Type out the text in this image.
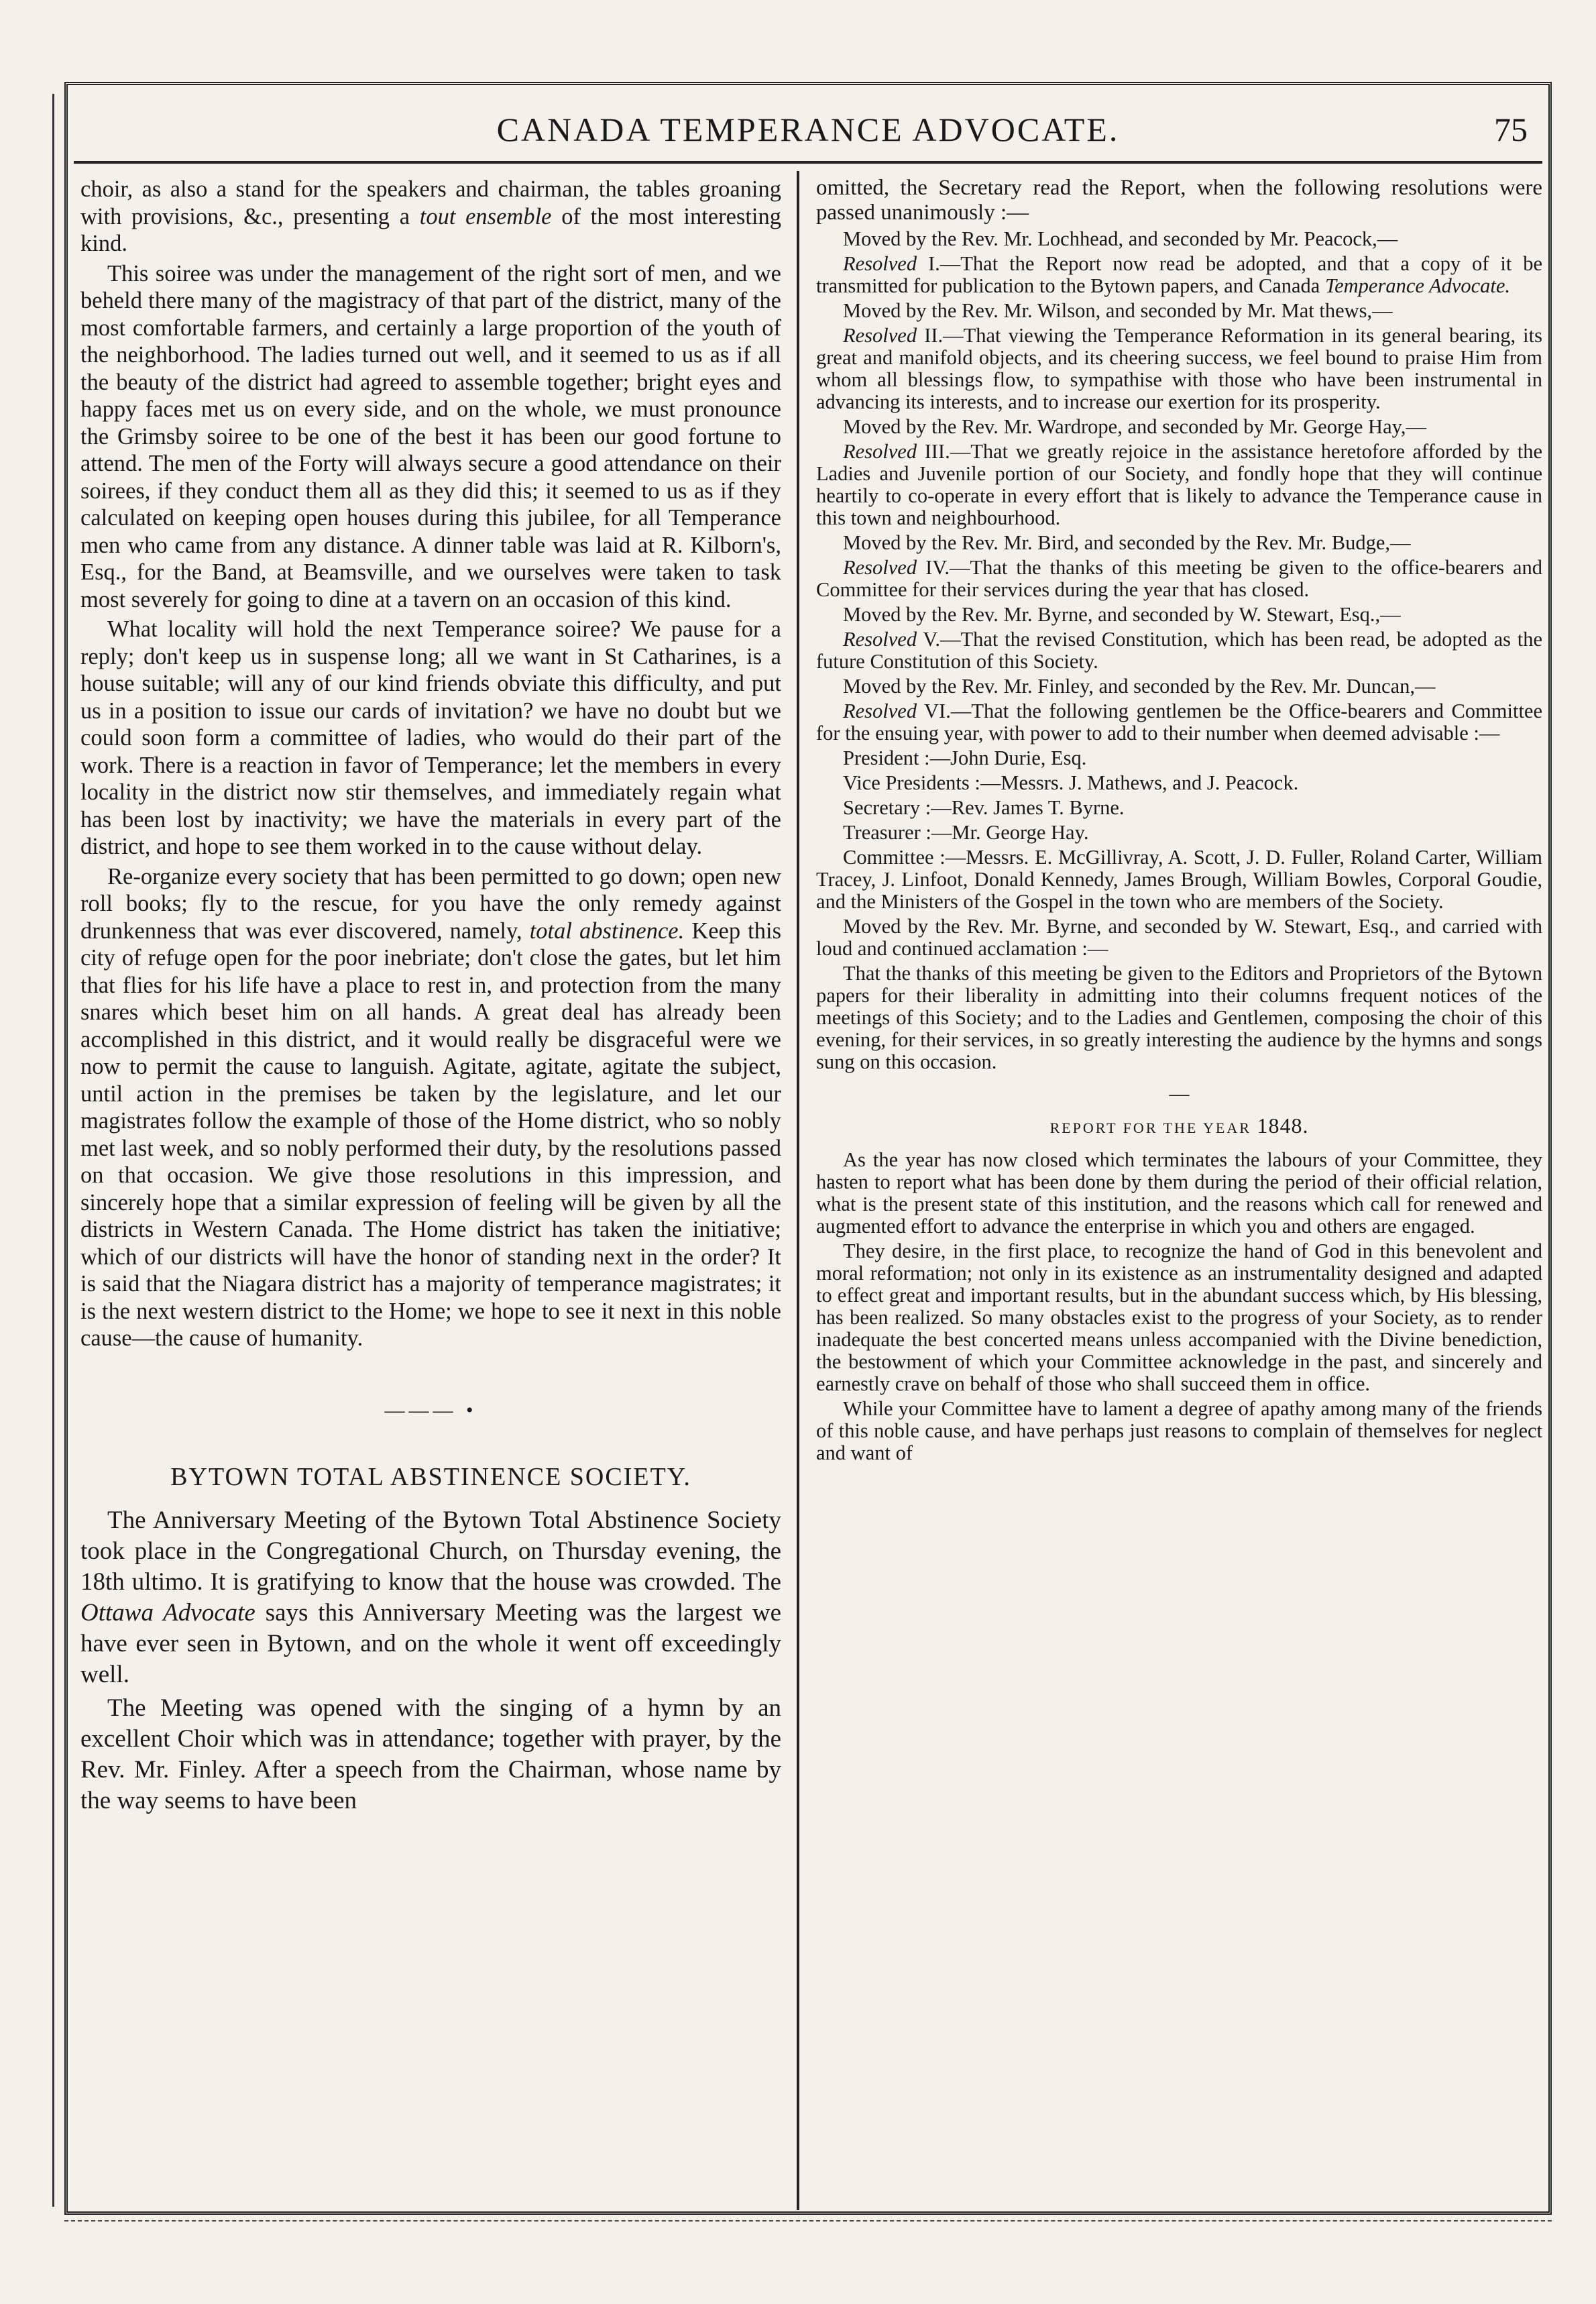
CANADA TEMPERANCE ADVOCATE.	75

choir, as also a stand for the speakers and chairman, the tables groaning with provisions, &c., presenting a tout ensemble of the most interesting kind.

This soiree was under the management of the right sort of men, and we beheld there many of the magistracy of that part of the district, many of the most comfortable farmers, and certainly a large proportion of the youth of the neighborhood. The ladies turned out well, and it seemed to us as if all the beauty of the district had agreed to assemble together; bright eyes and happy faces met us on every side, and on the whole, we must pronounce the Grimsby soiree to be one of the best it has been our good fortune to attend. The men of the Forty will always secure a good attendance on their soirees, if they conduct them all as they did this; it seemed to us as if they calculated on keeping open houses during this jubilee, for all Temperance men who came from any distance. A dinner table was laid at R. Kilborn's, Esq., for the Band, at Beamsville, and we ourselves were taken to task most severely for going to dine at a tavern on an occasion of this kind.

What locality will hold the next Temperance soiree? We pause for a reply; don't keep us in suspense long; all we want in St Catharines, is a house suitable; will any of our kind friends obviate this difficulty, and put us in a position to issue our cards of invitation? we have no doubt but we could soon form a committee of ladies, who would do their part of the work. There is a reaction in favor of Temperance; let the members in every locality in the district now stir themselves, and immediately regain what has been lost by inactivity; we have the materials in every part of the district, and hope to see them worked in to the cause without delay.

Re-organize every society that has been permitted to go down; open new roll books; fly to the rescue, for you have the only remedy against drunkenness that was ever discovered, namely, total abstinence. Keep this city of refuge open for the poor inebriate; don't close the gates, but let him that flies for his life have a place to rest in, and protection from the many snares which beset him on all hands. A great deal has already been accomplished in this district, and it would really be disgraceful were we now to permit the cause to languish. Agitate, agitate, agitate the subject, until action in the premises be taken by the legislature, and let our magistrates follow the example of those of the Home district, who so nobly met last week, and so nobly performed their duty, by the resolutions passed on that occasion. We give those resolutions in this impression, and sincerely hope that a similar expression of feeling will be given by all the districts in Western Canada. The Home district has taken the initiative; which of our districts will have the honor of standing next in the order? It is said that the Niagara district has a majority of temperance magistrates; it is the next western district to the Home; we hope to see it next in this noble cause—the cause of humanity.

——— •
BYTOWN TOTAL ABSTINENCE SOCIETY.

The Anniversary Meeting of the Bytown Total Abstinence Society took place in the Congregational Church, on Thursday evening, the 18th ultimo. It is gratifying to know that the house was crowded. The Ottawa Advocate says this Anniversary Meeting was the largest we have ever seen in Bytown, and on the whole it went off exceedingly well.

The Meeting was opened with the singing of a hymn by an excellent Choir which was in attendance; together with prayer, by the Rev. Mr. Finley. After a speech from the Chairman, whose name by the way seems to have been

omitted, the Secretary read the Report, when the following resolutions were passed unanimously :—

Moved by the Rev. Mr. Lochhead, and seconded by Mr. Peacock,—

Resolved I.—That the Report now read be adopted, and that a copy of it be transmitted for publication to the Bytown papers, and Canada Temperance Advocate.

Moved by the Rev. Mr. Wilson, and seconded by Mr. Mat thews,—

Resolved II.—That viewing the Temperance Reformation in its general bearing, its great and manifold objects, and its cheering success, we feel bound to praise Him from whom all blessings flow, to sympathise with those who have been instrumental in advancing its interests, and to increase our exertion for its prosperity.

Moved by the Rev. Mr. Wardrope, and seconded by Mr. George Hay,—

Resolved III.—That we greatly rejoice in the assistance heretofore afforded by the Ladies and Juvenile portion of our Society, and fondly hope that they will continue heartily to co-operate in every effort that is likely to advance the Temperance cause in this town and neighbourhood.

Moved by the Rev. Mr. Bird, and seconded by the Rev. Mr. Budge,—

Resolved IV.—That the thanks of this meeting be given to the office-bearers and Committee for their services during the year that has closed.

Moved by the Rev. Mr. Byrne, and seconded by W. Stewart, Esq.,—

Resolved V.—That the revised Constitution, which has been read, be adopted as the future Constitution of this Society.

Moved by the Rev. Mr. Finley, and seconded by the Rev. Mr. Duncan,—

Resolved VI.—That the following gentlemen be the Office-bearers and Committee for the ensuing year, with power to add to their number when deemed advisable :—

President :—John Durie, Esq.

Vice Presidents :—Messrs. J. Mathews, and J. Peacock.

Secretary :—Rev. James T. Byrne.

Treasurer :—Mr. George Hay.

Committee :—Messrs. E. McGillivray, A. Scott, J. D. Fuller, Roland Carter, William Tracey, J. Linfoot, Donald Kennedy, James Brough, William Bowles, Corporal Goudie, and the Ministers of the Gospel in the town who are members of the Society.

Moved by the Rev. Mr. Byrne, and seconded by W. Stewart, Esq., and carried with loud and continued acclamation :—

That the thanks of this meeting be given to the Editors and Proprietors of the Bytown papers for their liberality in admitting into their columns frequent notices of the meetings of this Society; and to the Ladies and Gentlemen, composing the choir of this evening, for their services, in so greatly interesting the audience by the hymns and songs sung on this occasion.

—
REPORT FOR THE YEAR 1848.

As the year has now closed which terminates the labours of your Committee, they hasten to report what has been done by them during the period of their official relation, what is the present state of this institution, and the reasons which call for renewed and augmented effort to advance the enterprise in which you and others are engaged.

They desire, in the first place, to recognize the hand of God in this benevolent and moral reformation; not only in its existence as an instrumentality designed and adapted to effect great and important results, but in the abundant success which, by His blessing, has been realized. So many obstacles exist to the progress of your Society, as to render inadequate the best concerted means unless accompanied with the Divine benediction, the bestowment of which your Committee acknowledge in the past, and sincerely and earnestly crave on behalf of those who shall succeed them in office.

While your Committee have to lament a degree of apathy among many of the friends of this noble cause, and have perhaps just reasons to complain of themselves for neglect and want of
